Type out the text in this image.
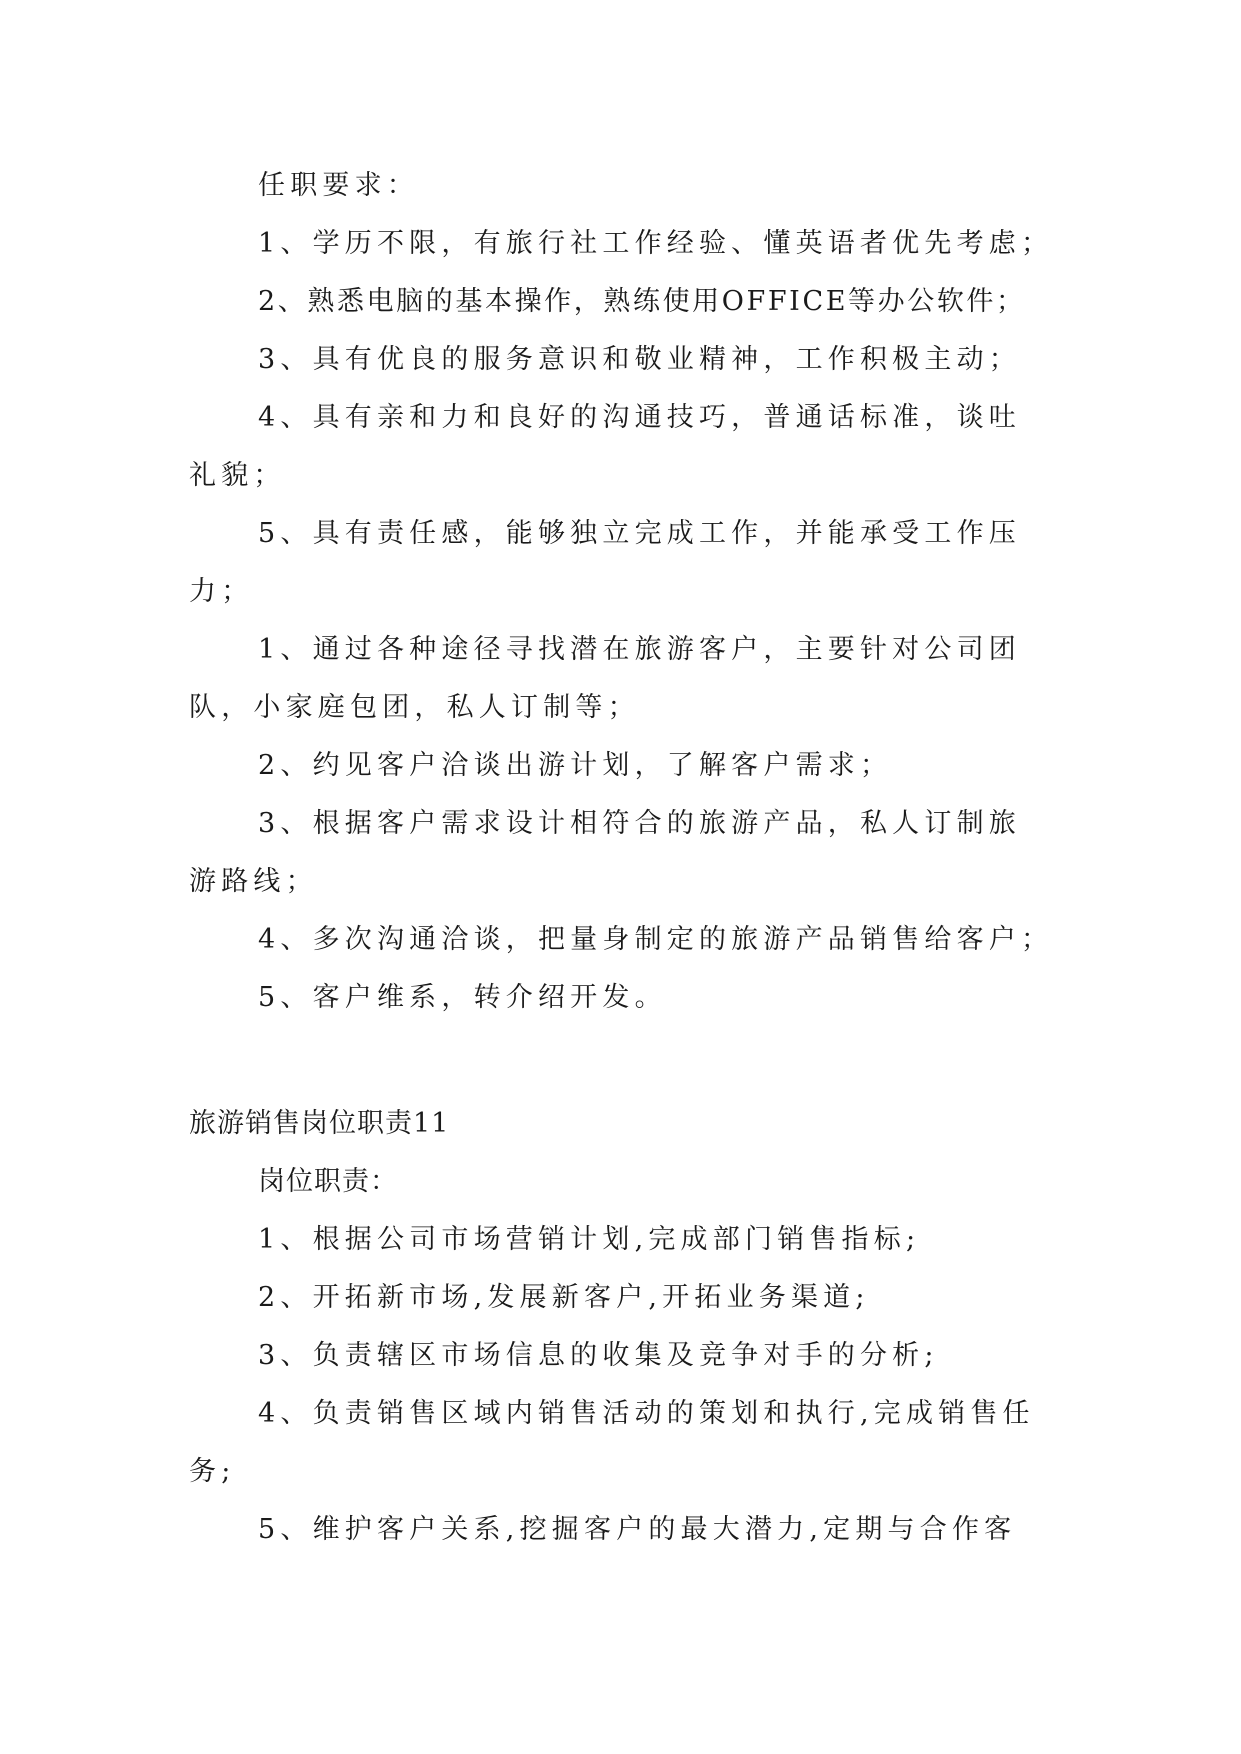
任职要求：
1、学历不限，有旅行社工作经验、懂英语者优先考虑；
2、熟悉电脑的基本操作，熟练使用OFFICE等办公软件；
3、具有优良的服务意识和敬业精神，工作积极主动；
4、具有亲和力和良好的沟通技巧，普通话标准，谈吐
礼貌；
5、具有责任感，能够独立完成工作，并能承受工作压
力；
1、通过各种途径寻找潜在旅游客户，主要针对公司团
队，小家庭包团，私人订制等；
2、约见客户洽谈出游计划，了解客户需求；
3、根据客户需求设计相符合的旅游产品，私人订制旅
游路线；
4、多次沟通洽谈，把量身制定的旅游产品销售给客户；
5、客户维系，转介绍开发。
旅游销售岗位职责11
岗位职责：
1、根据公司市场营销计划,完成部门销售指标;
2、开拓新市场,发展新客户,开拓业务渠道;
3、负责辖区市场信息的收集及竞争对手的分析;
4、负责销售区域内销售活动的策划和执行,完成销售任
务;
5、维护客户关系,挖掘客户的最大潜力,定期与合作客
